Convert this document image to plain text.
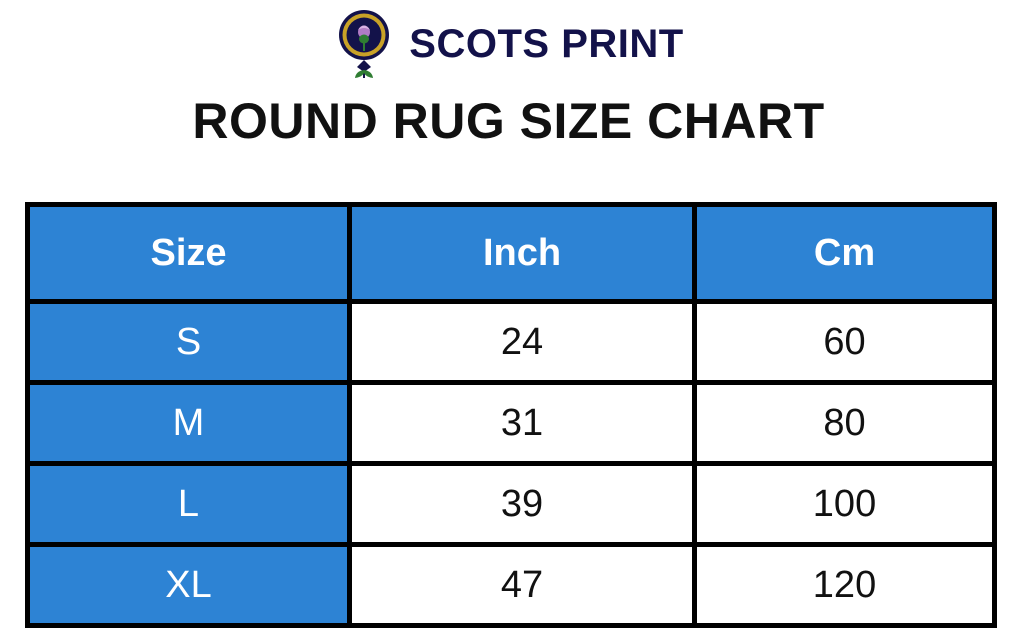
SCOTS PRINT
ROUND RUG SIZE CHART
Size	Inch	Cm
S	24	60
M	31	80
L	39	100
XL	47	120
